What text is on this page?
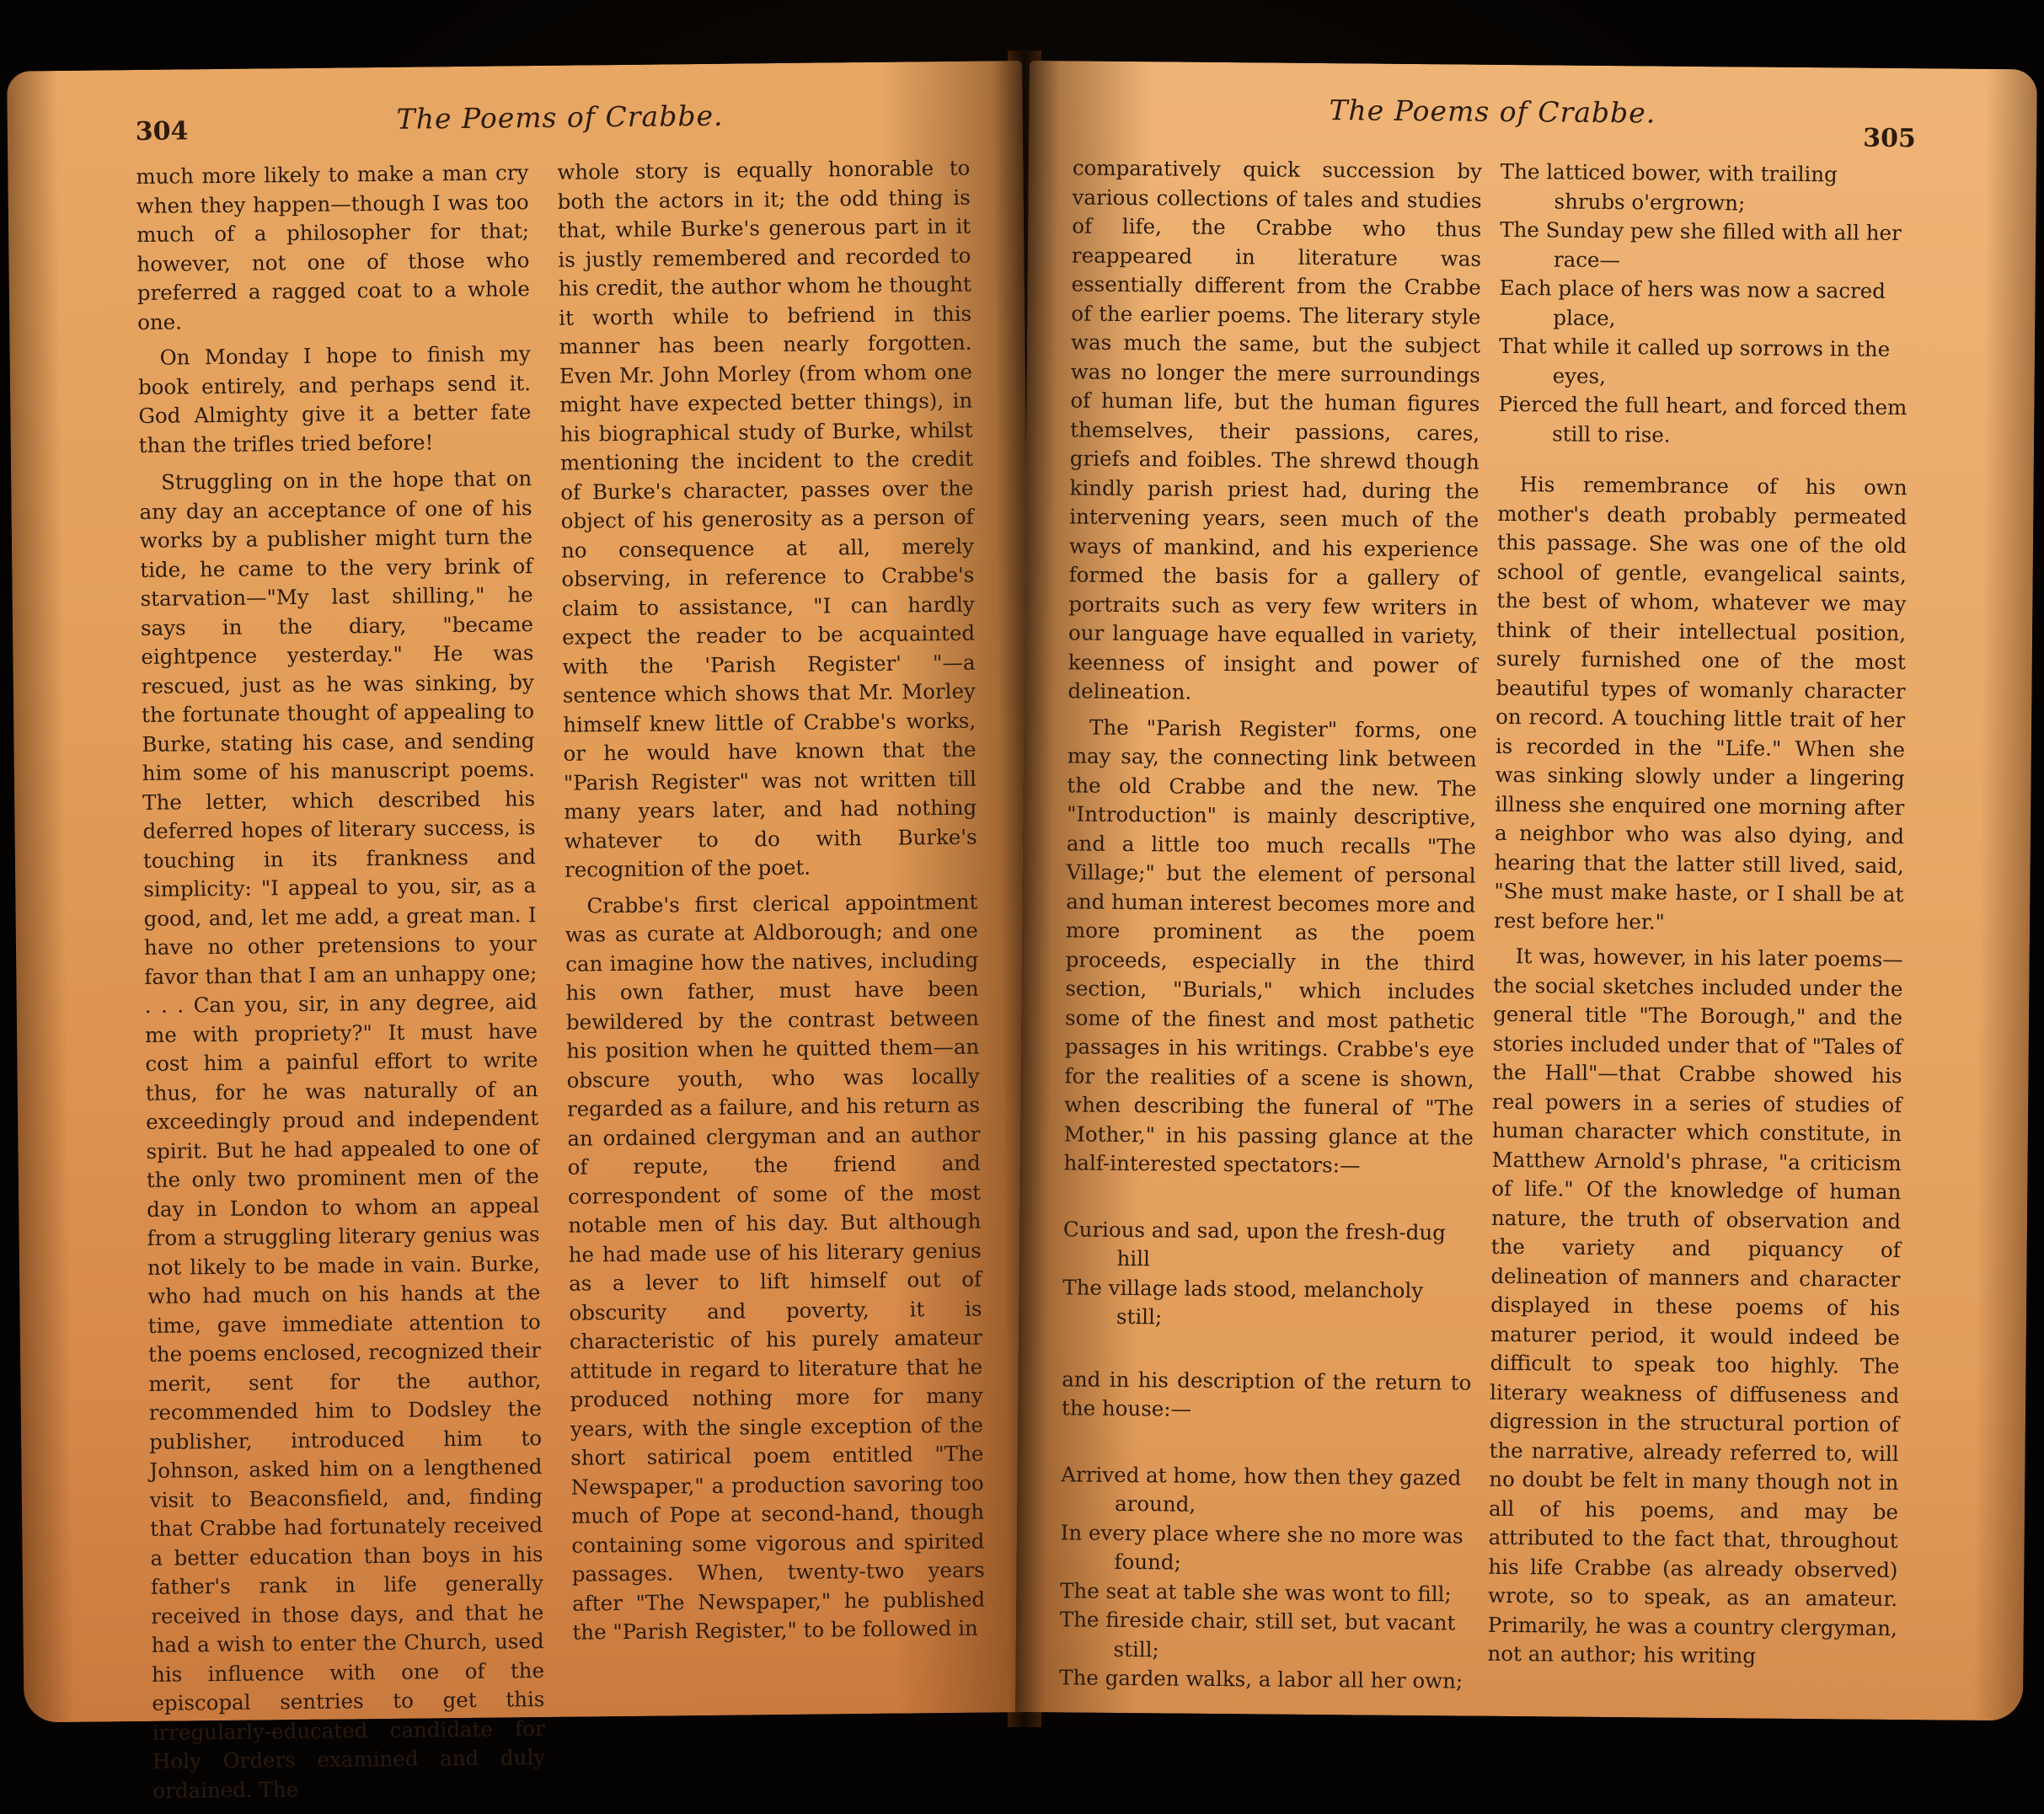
304	The Poems of Crabbe.

much more likely to make a man cry when they happen—though I was too much of a philosopher for that; however, not one of those who preferred a ragged coat to a whole one.

On Monday I hope to finish my book entirely, and perhaps send it. God Almighty give it a better fate than the trifles tried before!

Struggling on in the hope that on any day an acceptance of one of his works by a publisher might turn the tide, he came to the very brink of starvation—"My last shilling," he says in the diary, "became eightpence yesterday." He was rescued, just as he was sinking, by the fortunate thought of appealing to Burke, stating his case, and sending him some of his manuscript poems. The letter, which described his deferred hopes of literary success, is touching in its frankness and simplicity: "I appeal to you, sir, as a good, and, let me add, a great man. I have no other pretensions to your favor than that I am an unhappy one; . . . Can you, sir, in any degree, aid me with propriety?" It must have cost him a painful effort to write thus, for he was naturally of an exceedingly proud and independent spirit. But he had appealed to one of the only two prominent men of the day in London to whom an appeal from a struggling literary genius was not likely to be made in vain. Burke, who had much on his hands at the time, gave immediate attention to the poems enclosed, recognized their merit, sent for the author, recommended him to Dodsley the publisher, introduced him to Johnson, asked him on a lengthened visit to Beaconsfield, and, finding that Crabbe had fortunately received a better education than boys in his father's rank in life generally received in those days, and that he had a wish to enter the Church, used his influence with one of the episcopal sentries to get this irregularly-educated candidate for Holy Orders examined and duly ordained. The

whole story is equally honorable to both the actors in it; the odd thing is that, while Burke's generous part in it is justly remembered and recorded to his credit, the author whom he thought it worth while to befriend in this manner has been nearly forgotten. Even Mr. John Morley (from whom one might have expected better things), in his biographical study of Burke, whilst mentioning the incident to the credit of Burke's character, passes over the object of his generosity as a person of no consequence at all, merely observing, in reference to Crabbe's claim to assistance, "I can hardly expect the reader to be acquainted with the 'Parish Register' "—a sentence which shows that Mr. Morley himself knew little of Crabbe's works, or he would have known that the "Parish Register" was not written till many years later, and had nothing whatever to do with Burke's recognition of the poet.

Crabbe's first clerical appointment was as curate at Aldborough; and one can imagine how the natives, including his own father, must have been bewildered by the contrast between his position when he quitted them—an obscure youth, who was locally regarded as a failure, and his return as an ordained clergyman and an author of repute, the friend and correspondent of some of the most notable men of his day. But although he had made use of his literary genius as a lever to lift himself out of obscurity and poverty, it is characteristic of his purely amateur attitude in regard to literature that he produced nothing more for many years, with the single exception of the short satirical poem entitled "The Newspaper," a production savoring too much of Pope at second-hand, though containing some vigorous and spirited passages. When, twenty-two years after "The Newspaper," he published the "Parish Register," to be followed in

The Poems of Crabbe.
305

comparatively quick succession by various collections of tales and studies of life, the Crabbe who thus reappeared in literature was essentially different from the Crabbe of the earlier poems. The literary style was much the same, but the subject was no longer the mere surroundings of human life, but the human figures themselves, their passions, cares, griefs and foibles. The shrewd though kindly parish priest had, during the intervening years, seen much of the ways of mankind, and his experience formed the basis for a gallery of portraits such as very few writers in our language have equalled in variety, keenness of insight and power of delineation.

The "Parish Register" forms, one may say, the connecting link between the old Crabbe and the new. The "Introduction" is mainly descriptive, and a little too much recalls "The Village;" but the element of personal and human interest becomes more and more prominent as the poem proceeds, especially in the third section, "Burials," which includes some of the finest and most pathetic passages in his writings. Crabbe's eye for the realities of a scene is shown, when describing the funeral of "The Mother," in his passing glance at the half-interested spectators:—

Curious and sad, upon the fresh-dug hill
The village lads stood, melancholy still;

and in his description of the return to the house:—

Arrived at home, how then they gazed around,
In every place where she no more was found;
The seat at table she was wont to fill;
The fireside chair, still set, but vacant still;
The garden walks, a labor all her own;
The latticed bower, with trailing shrubs o'ergrown;
The Sunday pew she filled with all her race—
Each place of hers was now a sacred place,
That while it called up sorrows in the eyes,
Pierced the full heart, and forced them still to rise.

His remembrance of his own mother's death probably permeated this passage. She was one of the old school of gentle, evangelical saints, the best of whom, whatever we may think of their intellectual position, surely furnished one of the most beautiful types of womanly character on record. A touching little trait of her is recorded in the "Life." When she was sinking slowly under a lingering illness she enquired one morning after a neighbor who was also dying, and hearing that the latter still lived, said, "She must make haste, or I shall be at rest before her."

It was, however, in his later poems—the social sketches included under the general title "The Borough," and the stories included under that of "Tales of the Hall"—that Crabbe showed his real powers in a series of studies of human character which constitute, in Matthew Arnold's phrase, "a criticism of life." Of the knowledge of human nature, the truth of observation and the variety and piquancy of delineation of manners and character displayed in these poems of his maturer period, it would indeed be difficult to speak too highly. The literary weakness of diffuseness and digression in the structural portion of the narrative, already referred to, will no doubt be felt in many though not in all of his poems, and may be attributed to the fact that, throughout his life Crabbe (as already observed) wrote, so to speak, as an amateur. Primarily, he was a country clergyman, not an author; his writing
